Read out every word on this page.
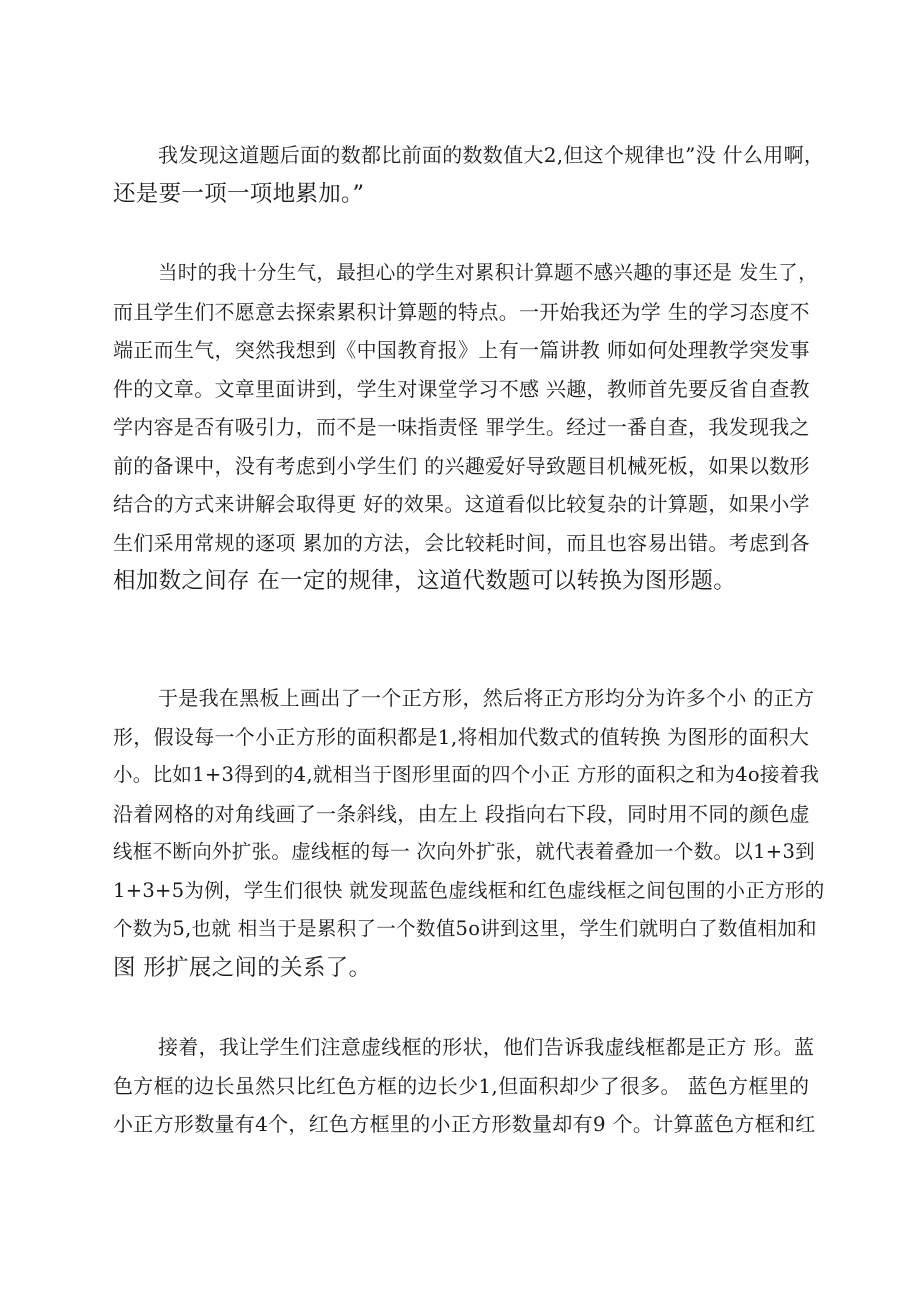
我发现这道题后面的数都比前面的数数值大2,但这个规律也”没 什么用啊，
还是要一项一项地累加。”
当时的我十分生气，最担心的学生对累积计算题不感兴趣的事还是 发生了，
而且学生们不愿意去探索累积计算题的特点。一开始我还为学 生的学习态度不
端正而生气，突然我想到《中国教育报》上有一篇讲教 师如何处理教学突发事
件的文章。文章里面讲到，学生对课堂学习不感 兴趣，教师首先要反省自查教
学内容是否有吸引力，而不是一味指责怪 罪学生。经过一番自查，我发现我之
前的备课中，没有考虑到小学生们 的兴趣爱好导致题目机械死板，如果以数形
结合的方式来讲解会取得更 好的效果。这道看似比较复杂的计算题，如果小学
生们采用常规的逐项 累加的方法，会比较耗时间，而且也容易出错。考虑到各
相加数之间存 在一定的规律，这道代数题可以转换为图形题。
于是我在黑板上画出了一个正方形，然后将正方形均分为许多个小 的正方
形，假设每一个小正方形的面积都是1,将相加代数式的值转换 为图形的面积大
小。比如1+3得到的4,就相当于图形里面的四个小正 方形的面积之和为4o接着我
沿着网格的对角线画了一条斜线，由左上 段指向右下段，同时用不同的颜色虚
线框不断向外扩张。虚线框的每一 次向外扩张，就代表着叠加一个数。以1+3到
1+3+5为例，学生们很快 就发现蓝色虚线框和红色虚线框之间包围的小正方形的
个数为5,也就 相当于是累积了一个数值5o讲到这里，学生们就明白了数值相加和
图 形扩展之间的关系了。
接着，我让学生们注意虚线框的形状，他们告诉我虚线框都是正方 形。蓝
色方框的边长虽然只比红色方框的边长少1,但面积却少了很多。 蓝色方框里的
小正方形数量有4个，红色方框里的小正方形数量却有9 个。计算蓝色方框和红
